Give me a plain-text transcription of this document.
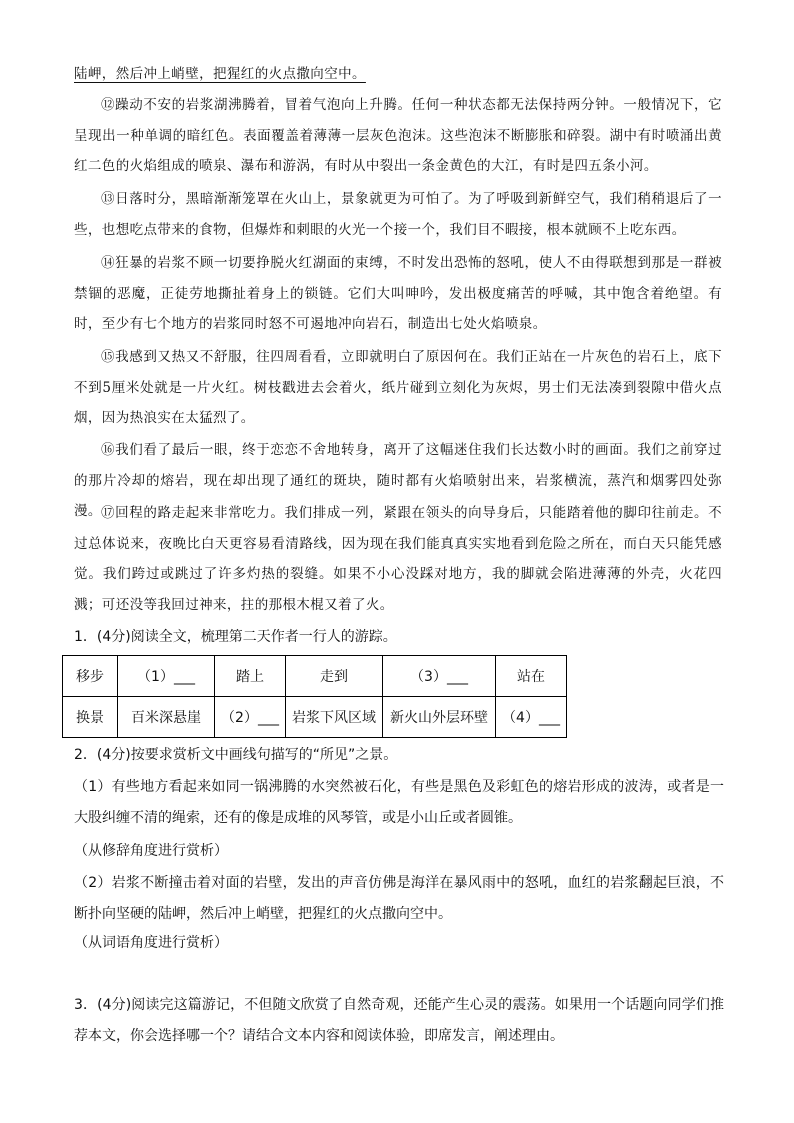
陆岬，然后冲上峭壁，把猩红的火点撒向空中。
⑫躁动不安的岩浆湖沸腾着，冒着气泡向上升腾。任何一种状态都无法保持两分钟。一般情况下，它呈现出一种单调的暗红色。表面覆盖着薄薄一层灰色泡沫。这些泡沫不断膨胀和碎裂。湖中有时喷涌出黄红二色的火焰组成的喷泉、瀑布和游涡，有时从中裂出一条金黄色的大江，有时是四五条小河。
⑬日落时分，黑暗渐渐笼罩在火山上，景象就更为可怕了。为了呼吸到新鲜空气，我们稍稍退后了一些，也想吃点带来的食物，但爆炸和刺眼的火光一个接一个，我们目不暇接，根本就顾不上吃东西。
⑭狂暴的岩浆不顾一切要挣脱火红湖面的束缚，不时发出恐怖的怒吼，使人不由得联想到那是一群被禁锢的恶魔，正徒劳地撕扯着身上的锁链。它们大叫呻吟，发出极度痛苦的呼喊，其中饱含着绝望。有时，至少有七个地方的岩浆同时怒不可遏地冲向岩石，制造出七处火焰喷泉。
⑮我感到又热又不舒服，往四周看看，立即就明白了原因何在。我们正站在一片灰色的岩石上，底下不到5厘米处就是一片火红。树枝戳进去会着火，纸片碰到立刻化为灰烬，男士们无法凑到裂隙中借火点烟，因为热浪实在太猛烈了。
⑯我们看了最后一眼，终于恋恋不舍地转身，离开了这幅迷住我们长达数小时的画面。我们之前穿过的那片冷却的熔岩，现在却出现了通红的斑块，随时都有火焰喷射出来，岩浆横流，蒸汽和烟雾四处弥漫。 ⑰回程的路走起来非常吃力。我们排成一列，紧跟在领头的向导身后，只能踏着他的脚印往前走。不过总体说来，夜晚比白天更容易看清路线，因为现在我们能真真实实地看到危险之所在，而白天只能凭感觉。我们跨过或跳过了许多灼热的裂缝。如果不小心没踩对地方，我的脚就会陷进薄薄的外壳，火花四溅；可还没等我回过神来，拄的那根木棍又着了火。
1．(4分)阅读全文，梳理第二天作者一行人的游踪。
移步	（1）___	踏上	走到	（3）___	站在
换景	百米深悬崖	（2）___	岩浆下风区域	新火山外层环壁	（4）___
2．(4分)按要求赏析文中画线句描写的“所见”之景。
（1）有些地方看起来如同一锅沸腾的水突然被石化，有些是黑色及彩虹色的熔岩形成的波涛，或者是一大股纠缠不清的绳索，还有的像是成堆的风琴管，或是小山丘或者圆锥。
（从修辞角度进行赏析）
（2）岩浆不断撞击着对面的岩壁，发出的声音仿佛是海洋在暴风雨中的怒吼，血红的岩浆翻起巨浪，不断扑向坚硬的陆岬，然后冲上峭壁，把猩红的火点撒向空中。
（从词语角度进行赏析）
3．(4分)阅读完这篇游记，不但随文欣赏了自然奇观，还能产生心灵的震荡。如果用一个话题向同学们推荐本文，你会选择哪一个？请结合文本内容和阅读体验，即席发言，阐述理由。
